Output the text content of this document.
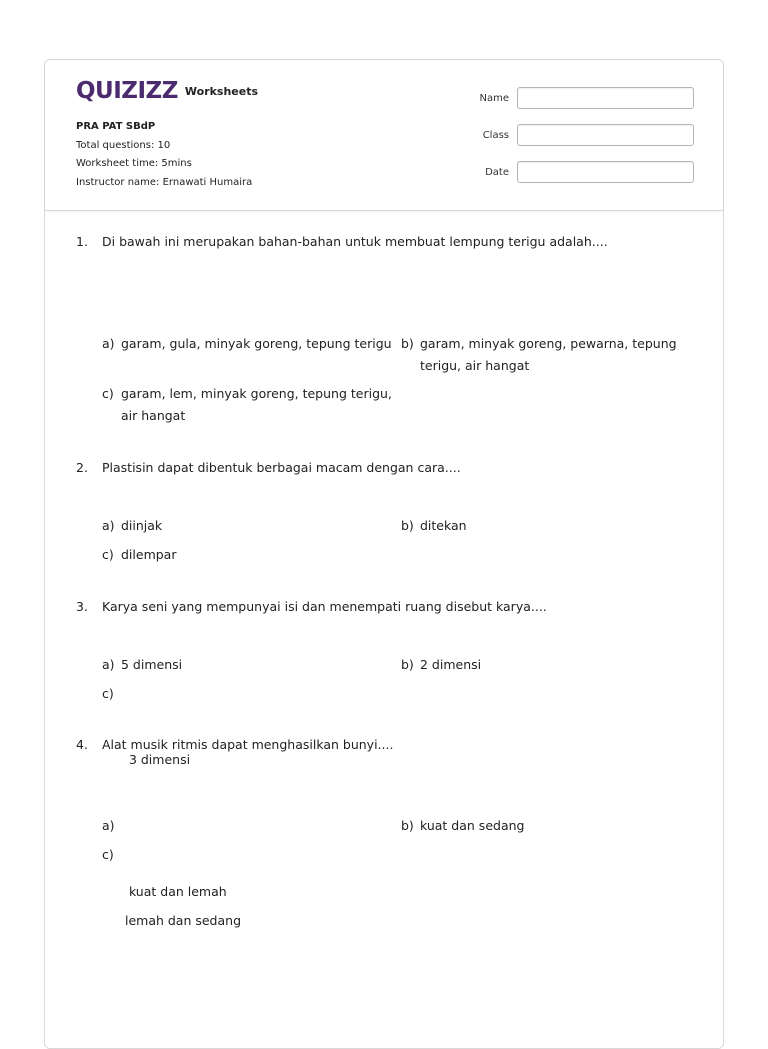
QUIZIZZ Worksheets
PRA PAT SBdP
Total questions: 10
Worksheet time: 5mins
Instructor name: Ernawati Humaira
Name
Class
Date
1. Di bawah ini merupakan bahan-bahan untuk membuat lempung terigu adalah....
a) garam, gula, minyak goreng, tepung terigu b) garam, minyak goreng, pewarna, tepung terigu, air hangat
c) garam, lem, minyak goreng, tepung terigu, air hangat
2. Plastisin dapat dibentuk berbagai macam dengan cara....
a) diinjak	b) ditekan
c) dilempar
3. Karya seni yang mempunyai isi dan menempati ruang disebut karya....
a) 5 dimensi	b) 2 dimensi

c)

3 dimensi

4. Alat musik ritmis dapat menghasilkan bunyi....

a)

kuat dan lemah

b) kuat dan sedang

c)

lemah dan sedang
